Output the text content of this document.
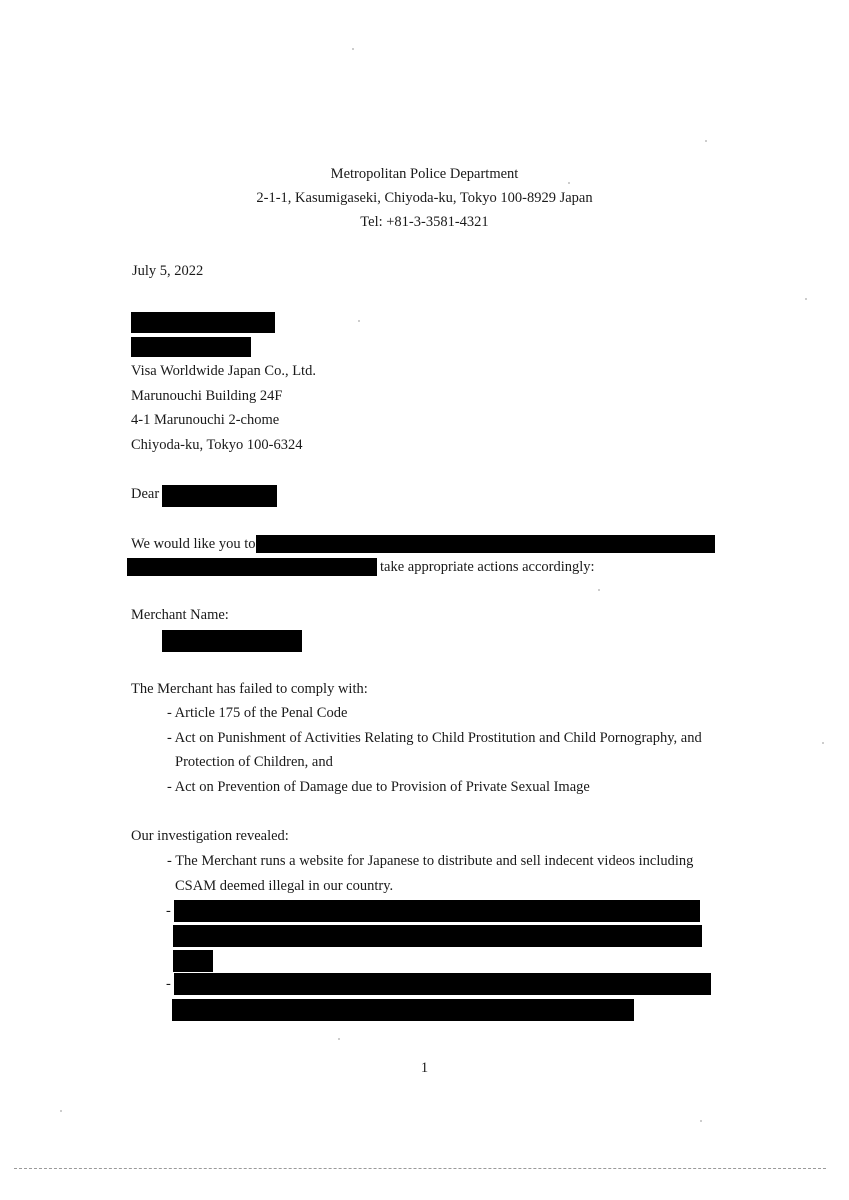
Metropolitan Police Department
2-1-1, Kasumigaseki, Chiyoda-ku, Tokyo 100-8929 Japan
Tel: +81-3-3581-4321
July 5, 2022
Visa Worldwide Japan Co., Ltd.
Marunouchi Building 24F
4-1 Marunouchi 2-chome
Chiyoda-ku, Tokyo 100-6324
Dear
We would like you to
take appropriate actions accordingly:
Merchant Name:
The Merchant has failed to comply with:
- Article 175 of the Penal Code
- Act on Punishment of Activities Relating to Child Prostitution and Child Pornography, and
Protection of Children, and
- Act on Prevention of Damage due to Provision of Private Sexual Image
Our investigation revealed:
- The Merchant runs a website for Japanese to distribute and sell indecent videos including
CSAM deemed illegal in our country.
-
-
1
